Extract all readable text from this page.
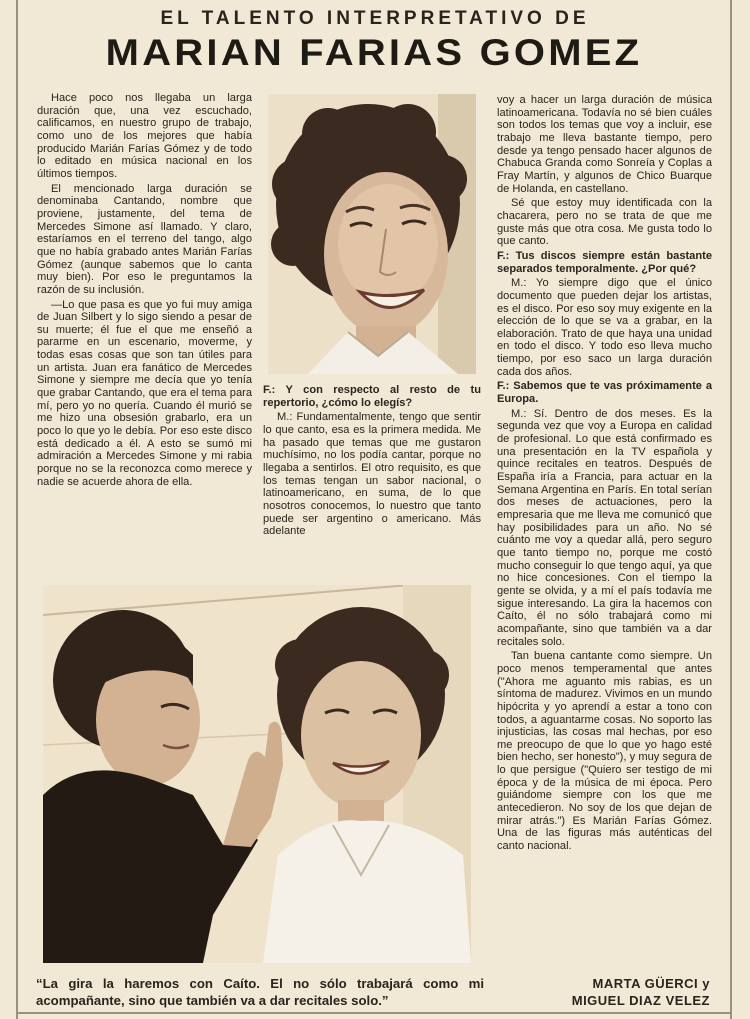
EL TALENTO INTERPRETATIVO DE
MARIAN FARIAS GOMEZ

Hace poco nos llegaba un larga duración que, una vez escuchado, calificamos, en nuestro grupo de trabajo, como uno de los mejores que había producido Marián Farías Gómez y de todo lo editado en música nacional en los últimos tiempos.

El mencionado larga duración se denominaba Cantando, nombre que proviene, justamente, del tema de Mercedes Simone así llamado. Y claro, estaríamos en el terreno del tango, algo que no había grabado antes Marián Farías Gómez (aunque sabemos que lo canta muy bien). Por eso le preguntamos la razón de su inclusión.

—Lo que pasa es que yo fui muy amiga de Juan Silbert y lo sigo siendo a pesar de su muerte; él fue el que me enseñó a pararme en un escenario, moverme, y todas esas cosas que son tan útiles para un artista. Juan era fanático de Mercedes Simone y siempre me decía que yo tenía que grabar Cantando, que era el tema para mí, pero yo no quería. Cuando él murió se me hizo una obsesión grabarlo, era un poco lo que yo le debía. Por eso este disco está dedicado a él. A esto se sumó mi admiración a Mercedes Simone y mi rabia porque no se la reconozca como merece y nadie se acuerde ahora de ella.

F.: Y con respecto al resto de tu repertorio, ¿cómo lo elegís?

M.: Fundamentalmente, tengo que sentir lo que canto, esa es la primera medida. Me ha pasado que temas que me gustaron muchísimo, no los podía cantar, porque no llegaba a sentirlos. El otro requisito, es que los temas tengan un sabor nacional, o latinoamericano, en suma, de lo que nosotros conocemos, lo nuestro que tanto puede ser argentino o americano. Más adelante

voy a hacer un larga duración de música latinoamericana. Todavía no sé bien cuáles son todos los temas que voy a incluir, ese trabajo me lleva bastante tiempo, pero desde ya tengo pensado hacer algunos de Chabuca Granda como Sonreía y Coplas a Fray Martín, y algunos de Chico Buarque de Holanda, en castellano.

Sé que estoy muy identificada con la chacarera, pero no se trata de que me guste más que otra cosa. Me gusta todo lo que canto.

F.: Tus discos siempre están bastante separados temporalmente. ¿Por qué?

M.: Yo siempre digo que el único documento que pueden dejar los artistas, es el disco. Por eso soy muy exigente en la elección de lo que se va a grabar, en la elaboración. Trato de que haya una unidad en todo el disco. Y todo eso lleva mucho tiempo, por eso saco un larga duración cada dos años.

F.: Sabemos que te vas próximamente a Europa.

M.: Sí. Dentro de dos meses. Es la segunda vez que voy a Europa en calidad de profesional. Lo que está confirmado es una presentación en la TV española y quince recitales en teatros. Después de España iría a Francia, para actuar en la Semana Argentina en París. En total serían dos meses de actuaciones, pero la empresaria que me lleva me comunicó que hay posibilidades para un año. No sé cuánto me voy a quedar allá, pero seguro que tanto tiempo no, porque me costó mucho conseguir lo que tengo aquí, ya que no hice concesiones. Con el tiempo la gente se olvida, y a mí el país todavía me sigue interesando. La gira la hacemos con Caíto, él no sólo trabajará como mi acompañante, sino que también va a dar recitales solo.

Tan buena cantante como siempre. Un poco menos temperamental que antes ("Ahora me aguanto mis rabias, es un síntoma de madurez. Vivimos en un mundo hipócrita y yo aprendí a estar a tono con todos, a aguantarme cosas. No soporto las injusticias, las cosas mal hechas, por eso me preocupo de que lo que yo hago esté bien hecho, ser honesto"), y muy segura de lo que persigue ("Quiero ser testigo de mi época y de la música de mi época. Pero guiándome siempre con los que me antecedieron. No soy de los que dejan de mirar atrás.") Es Marián Farías Gómez. Una de las figuras más auténticas del canto nacional.

“La gira la haremos con Caíto. El no sólo trabajará como mi acompañante, sino que también va a dar recitales solo.”
MARTA GÜERCI y
MIGUEL DIAZ VELEZ
